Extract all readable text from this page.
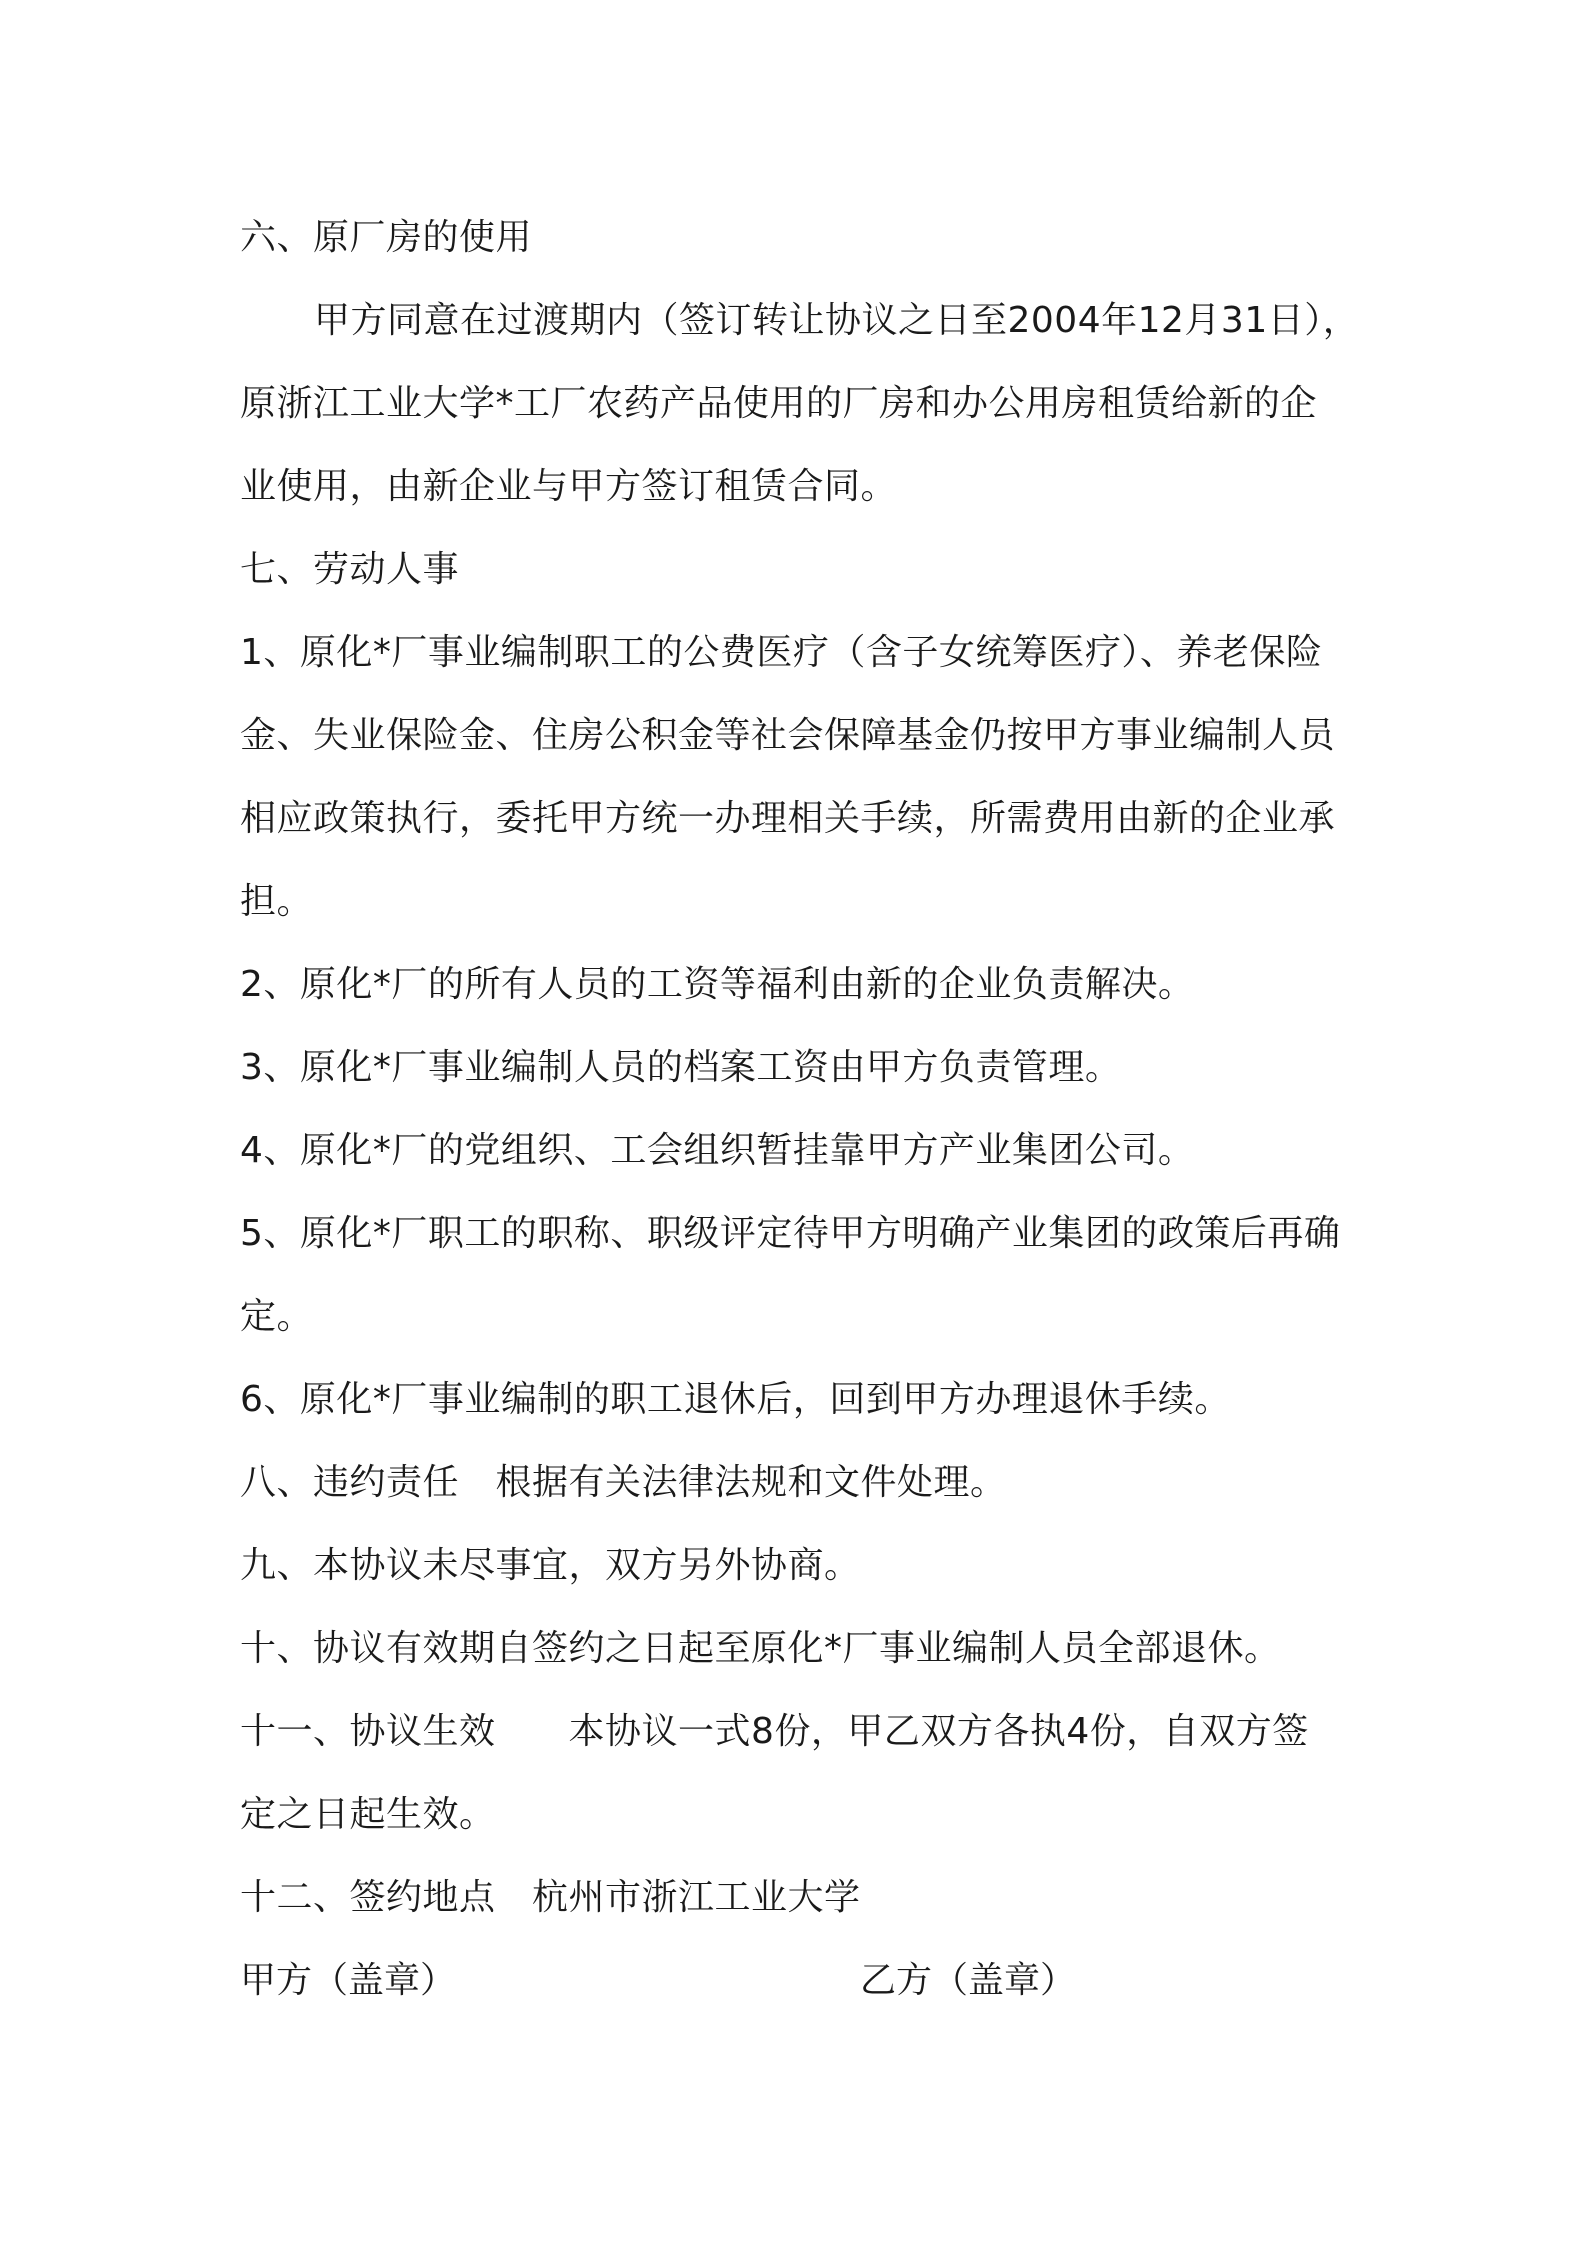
六、原厂房的使用
甲方同意在过渡期内（签订转让协议之日至2004年12月31日），
原浙江工业大学*工厂农药产品使用的厂房和办公用房租赁给新的企
业使用，由新企业与甲方签订租赁合同。
七、劳动人事
1、原化*厂事业编制职工的公费医疗（含子女统筹医疗）、养老保险
金、失业保险金、住房公积金等社会保障基金仍按甲方事业编制人员
相应政策执行，委托甲方统一办理相关手续，所需费用由新的企业承
担。
2、原化*厂的所有人员的工资等福利由新的企业负责解决。
3、原化*厂事业编制人员的档案工资由甲方负责管理。
4、原化*厂的党组织、工会组织暂挂靠甲方产业集团公司。
5、原化*厂职工的职称、职级评定待甲方明确产业集团的政策后再确
定。
6、原化*厂事业编制的职工退休后，回到甲方办理退休手续。
八、违约责任　根据有关法律法规和文件处理。
九、本协议未尽事宜，双方另外协商。
十、协议有效期自签约之日起至原化*厂事业编制人员全部退休。
十一、协议生效　　本协议一式8份，甲乙双方各执4份，自双方签
定之日起生效。
十二、签约地点　杭州市浙江工业大学
甲方（盖章）	乙方（盖章）
